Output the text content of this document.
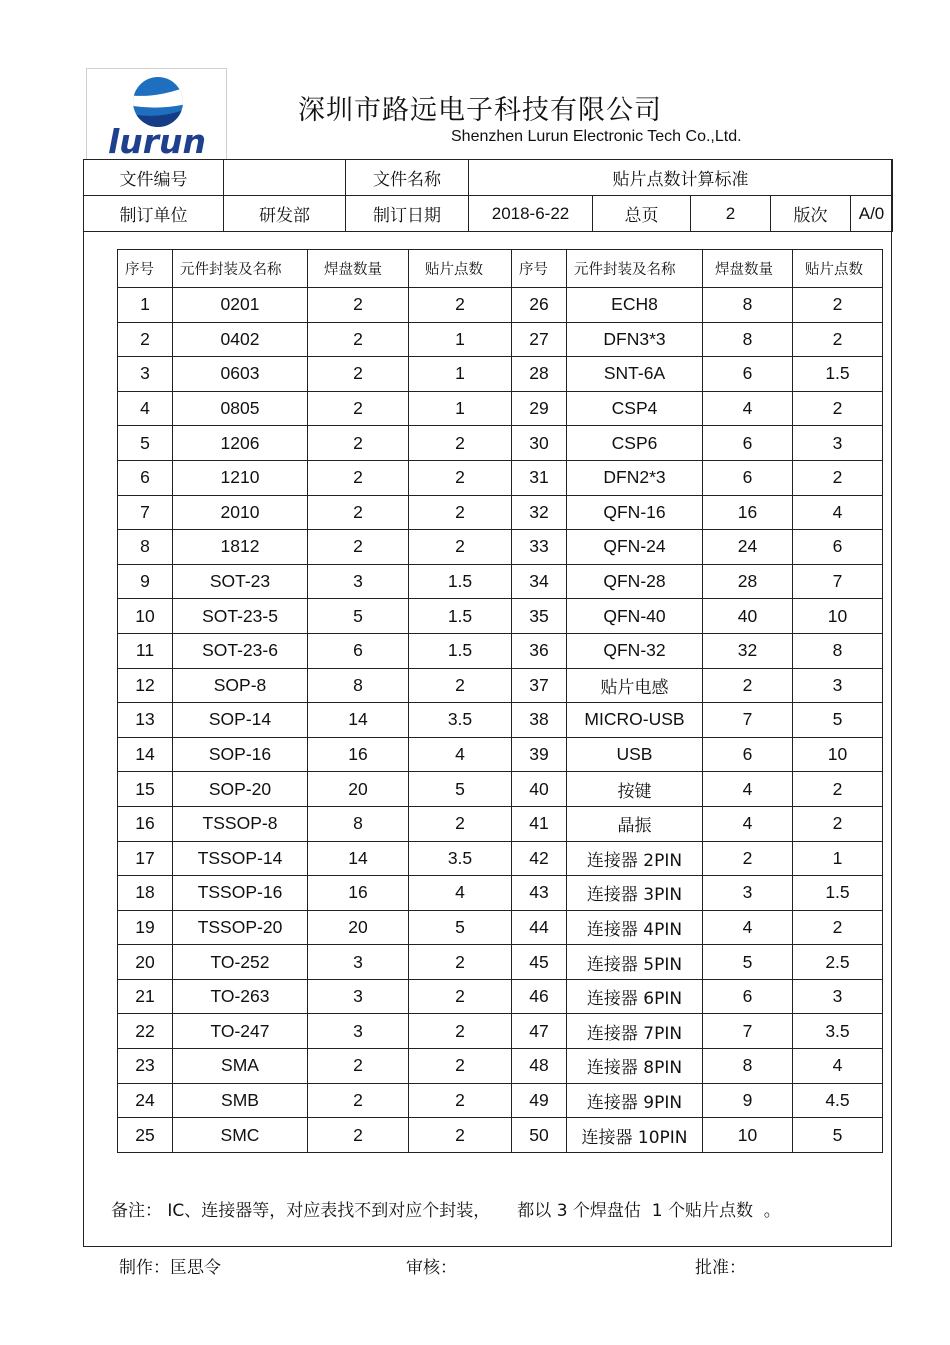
lurun
深圳市路远电子科技有限公司
Shenzhen Lurun Electronic Tech Co.,Ltd.
文件编号		文件名称	贴片点数计算标准				
制订单位	研发部	制订日期	2018-6-22	总页	2	版次	A/0
序号	元件封装及名称	焊盘数量	贴片点数	序号	元件封装及名称	焊盘数量	贴片点数
1	0201	2	2	26	ECH8	8	2
2	0402	2	1	27	DFN3*3	8	2
3	0603	2	1	28	SNT-6A	6	1.5
4	0805	2	1	29	CSP4	4	2
5	1206	2	2	30	CSP6	6	3
6	1210	2	2	31	DFN2*3	6	2
7	2010	2	2	32	QFN-16	16	4
8	1812	2	2	33	QFN-24	24	6
9	SOT-23	3	1.5	34	QFN-28	28	7
10	SOT-23-5	5	1.5	35	QFN-40	40	10
11	SOT-23-6	6	1.5	36	QFN-32	32	8
12	SOP-8	8	2	37	贴片电感	2	3
13	SOP-14	14	3.5	38	MICRO-USB	7	5
14	SOP-16	16	4	39	USB	6	10
15	SOP-20	20	5	40	按键	4	2
16	TSSOP-8	8	2	41	晶振	4	2
17	TSSOP-14	14	3.5	42	连接器 2PIN	2	1
18	TSSOP-16	16	4	43	连接器 3PIN	3	1.5
19	TSSOP-20	20	5	44	连接器 4PIN	4	2
20	TO-252	3	2	45	连接器 5PIN	5	2.5
21	TO-263	3	2	46	连接器 6PIN	6	3
22	TO-247	3	2	47	连接器 7PIN	7	3.5
23	SMA	2	2	48	连接器 8PIN	8	4
24	SMB	2	2	49	连接器 9PIN	9	4.5
25	SMC	2	2	50	连接器 10PIN	10	5
备注： IC、连接器等，对应表找不到对应个封装，     都以 3 个焊盘估  1 个贴片点数  。
制作：匡思令	审核：	批准：
